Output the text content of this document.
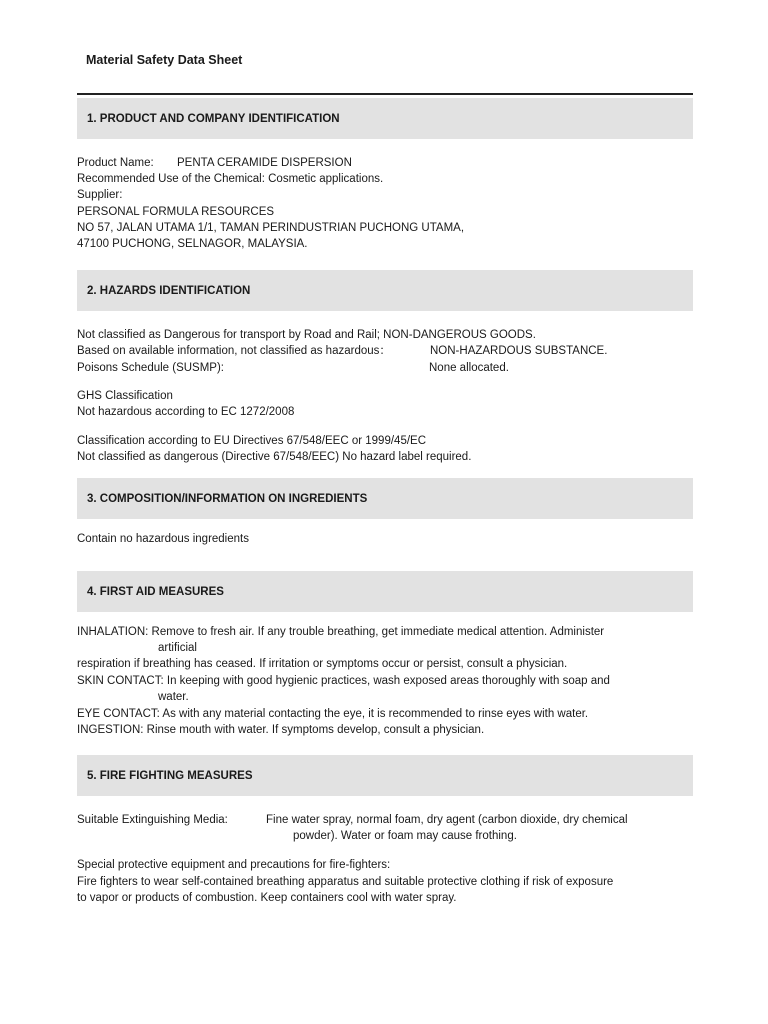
Material Safety Data Sheet
1. PRODUCT AND COMPANY IDENTIFICATION
Product Name: PENTA CERAMIDE DISPERSION
Recommended Use of the Chemical: Cosmetic applications.
Supplier:
PERSONAL FORMULA RESOURCES
NO 57, JALAN UTAMA 1/1, TAMAN PERINDUSTRIAN PUCHONG UTAMA,
47100 PUCHONG, SELNAGOR, MALAYSIA.
2. HAZARDS IDENTIFICATION
Not classified as Dangerous for transport by Road and Rail; NON-DANGEROUS GOODS.
Based on available information, not classified as hazardous：	NON-HAZARDOUS SUBSTANCE.
Poisons Schedule (SUSMP):	None allocated.
GHS Classification
Not hazardous according to EC 1272/2008
Classification according to EU Directives 67/548/EEC or 1999/45/EC
Not classified as dangerous (Directive 67/548/EEC) No hazard label required.
3. COMPOSITION/INFORMATION ON INGREDIENTS
Contain no hazardous ingredients
4. FIRST AID MEASURES
INHALATION: Remove to fresh air. If any trouble breathing, get immediate medical attention. Administer
artificial
respiration if breathing has ceased. If irritation or symptoms occur or persist, consult a physician.
SKIN CONTACT: In keeping with good hygienic practices, wash exposed areas thoroughly with soap and
water.
EYE CONTACT: As with any material contacting the eye, it is recommended to rinse eyes with water.
INGESTION: Rinse mouth with water. If symptoms develop, consult a physician.
5. FIRE FIGHTING MEASURES
Suitable Extinguishing Media:	Fine water spray, normal foam, dry agent (carbon dioxide, dry chemical
powder). Water or foam may cause frothing.
Special protective equipment and precautions for fire-fighters:
Fire fighters to wear self-contained breathing apparatus and suitable protective clothing if risk of exposure
to vapor or products of combustion. Keep containers cool with water spray.
